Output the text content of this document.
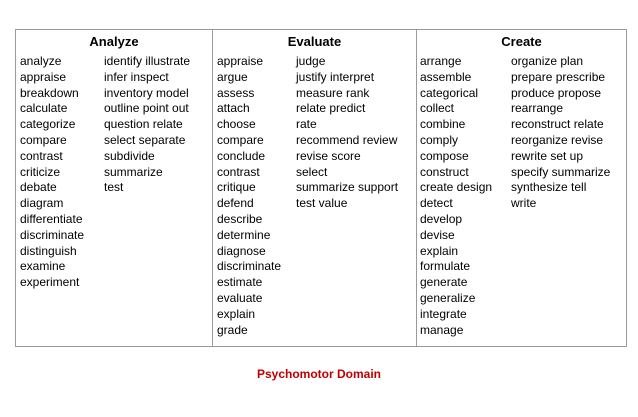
Analyze
analyze
appraise
breakdown
calculate
categorize
compare
contrast
criticize
debate
diagram
differentiate
discriminate
distinguish
examine
experiment
identify illustrate
infer inspect
inventory model
outline point out
question relate
select separate
subdivide
summarize
test
Evaluate
appraise
argue
assess
attach
choose
compare
conclude
contrast
critique
defend
describe
determine
diagnose
discriminate
estimate
evaluate
explain
grade
judge
justify interpret
measure rank
relate predict
rate
recommend review
revise score
select
summarize support
test value
Create
arrange
assemble
categorical
collect
combine
comply
compose
construct
create design
detect
develop
devise
explain
formulate
generate
generalize
integrate
manage
organize plan
prepare prescribe
produce propose
rearrange
reconstruct relate
reorganize revise
rewrite set up
specify summarize
synthesize tell
write
Psychomotor Domain
